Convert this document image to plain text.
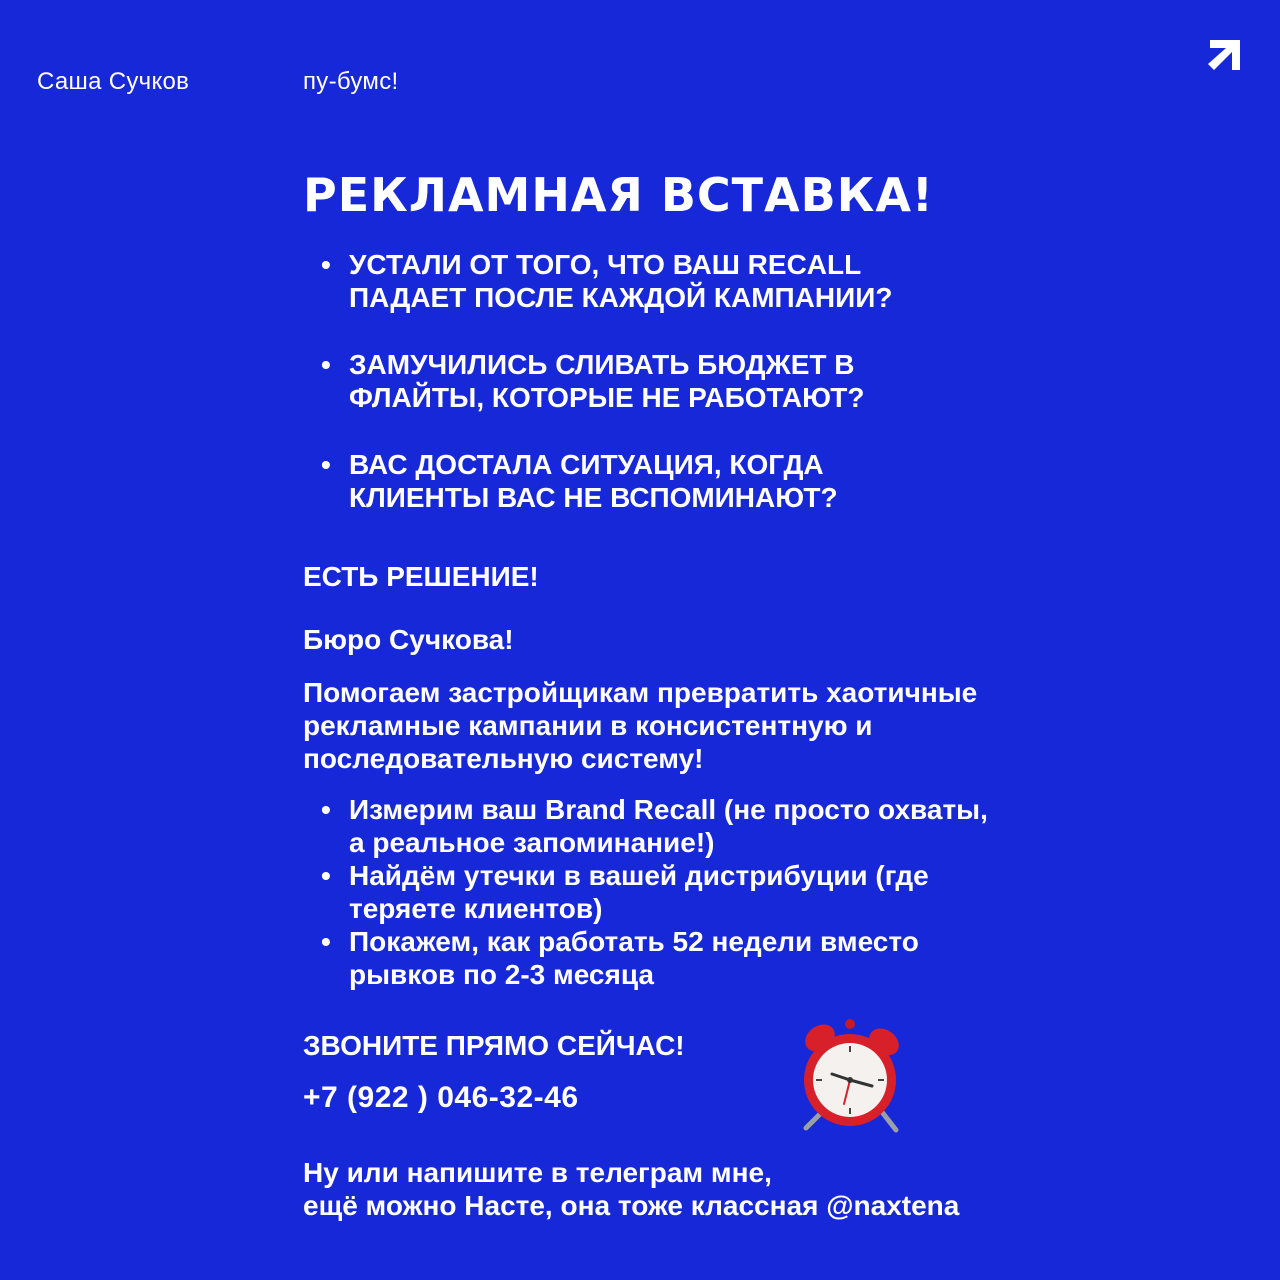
Саша Сучков	пу-бумс!
РЕКЛАМНАЯ ВСТАВКА!
• УСТАЛИ ОТ ТОГО, ЧТО ВАШ RECALL
ПАДАЕТ ПОСЛЕ КАЖДОЙ КАМПАНИИ?
• ЗАМУЧИЛИСЬ СЛИВАТЬ БЮДЖЕТ В
ФЛАЙТЫ, КОТОРЫЕ НЕ РАБОТАЮТ?
• ВАС ДОСТАЛА СИТУАЦИЯ, КОГДА
КЛИЕНТЫ ВАС НЕ ВСПОМИНАЮТ?
ЕСТЬ РЕШЕНИЕ!
Бюро Сучкова!
Помогаем застройщикам превратить хаотичные
рекламные кампании в консистентную и
последовательную систему!
• Измерим ваш Brand Recall (не просто охваты,
а реальное запоминание!)
• Найдём утечки в вашей дистрибуции (где
теряете клиентов)
• Покажем, как работать 52 недели вместо
рывков по 2-3 месяца
ЗВОНИТЕ ПРЯМО СЕЙЧАС!
+7 (922 ) 046-32-46
Ну или напишите в телеграм мне,
ещё можно Насте, она тоже классная @naxtena
